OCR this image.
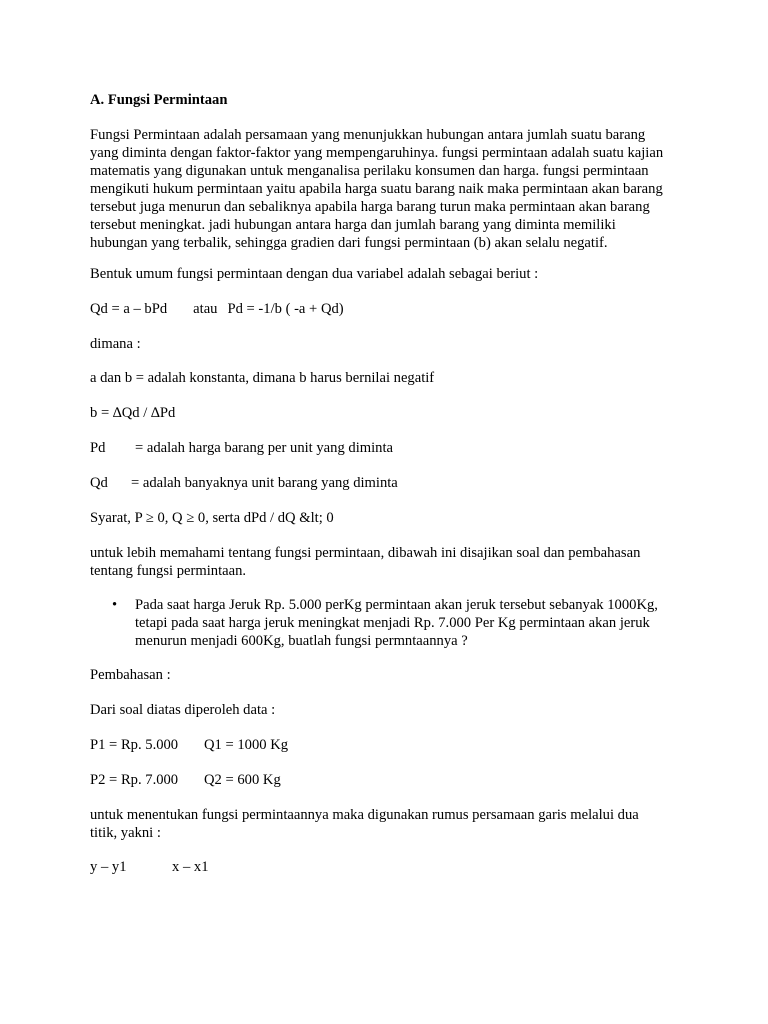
A. Fungsi Permintaan

Fungsi Permintaan adalah persamaan yang menunjukkan hubungan antara jumlah suatu barang
yang diminta dengan faktor-faktor yang mempengaruhinya. fungsi permintaan adalah suatu kajian
matematis yang digunakan untuk menganalisa perilaku konsumen dan harga. fungsi permintaan
mengikuti hukum permintaan yaitu apabila harga suatu barang naik maka permintaan akan barang
tersebut juga menurun dan sebaliknya apabila harga barang turun maka permintaan akan barang
tersebut meningkat. jadi hubungan antara harga dan jumlah barang yang diminta memiliki
hubungan yang terbalik, sehingga gradien dari fungsi permintaan (b) akan selalu negatif.

Bentuk umum fungsi permintaan dengan dua variabel adalah sebagai beriut :

Qd = a – bPd atau Pd = -1/b ( -a + Qd)

dimana :

a dan b = adalah konstanta, dimana b harus bernilai negatif

b = ∆Qd / ∆Pd

Pd = adalah harga barang per unit yang diminta

Qd = adalah banyaknya unit barang yang diminta

Syarat, P ≥ 0, Q ≥ 0, serta dPd / dQ &lt; 0

untuk lebih memahami tentang fungsi permintaan, dibawah ini disajikan soal dan pembahasan
tentang fungsi permintaan.
• Pada saat harga Jeruk Rp. 5.000 perKg permintaan akan jeruk tersebut sebanyak 1000Kg,
tetapi pada saat harga jeruk meningkat menjadi Rp. 7.000 Per Kg permintaan akan jeruk
menurun menjadi 600Kg, buatlah fungsi permntaannya ?

Pembahasan :

Dari soal diatas diperoleh data :

P1 = Rp. 5.000 Q1 = 1000 Kg

P2 = Rp. 7.000 Q2 = 600 Kg

untuk menentukan fungsi permintaannya maka digunakan rumus persamaan garis melalui dua
titik, yakni :

y – y1	x – x1
